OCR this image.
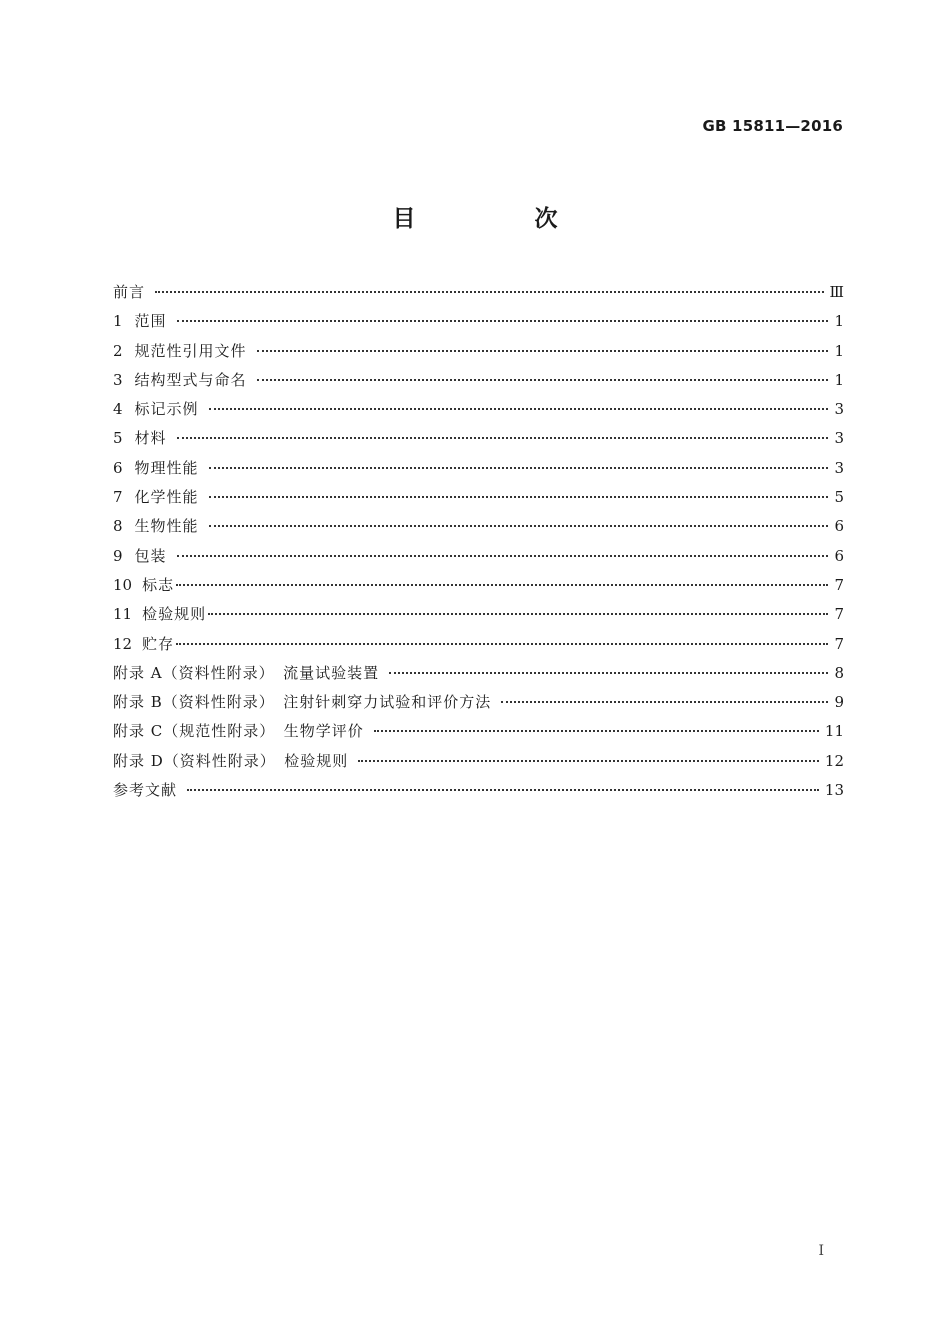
GB 15811—2016
目　次
前言	Ⅲ
1 范围	1
2 规范性引用文件	1
3 结构型式与命名	1
4 标记示例	3
5 材料	3
6 物理性能	3
7 化学性能	5
8 生物性能	6
9 包装	6
10 标志	7
11 检验规则	7
12 贮存	7
附录 A（资料性附录）　流量试验装置	8
附录 B（资料性附录）　注射针刺穿力试验和评价方法	9
附录 C（规范性附录）　生物学评价	11
附录 D（资料性附录）　检验规则	12
参考文献	13
I
